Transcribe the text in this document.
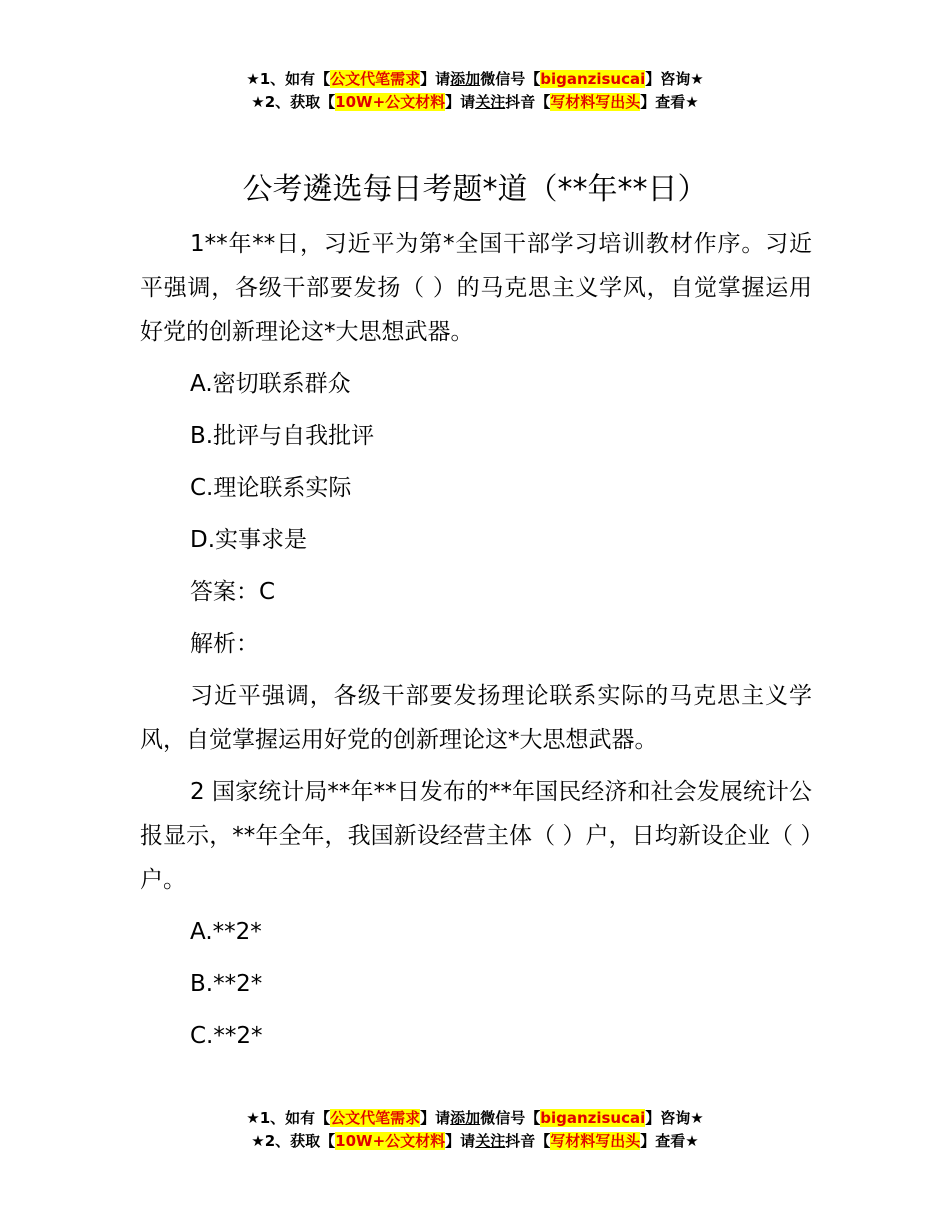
★1、如有【公文代笔需求】请添加微信号【biganzisucai】咨询★
★2、获取【10W+公文材料】请关注抖音【写材料写出头】查看★
公考遴选每日考题*道（**年**日）

1**年**日，习近平为第*全国干部学习培训教材作序。习近平强调，各级干部要发扬（ ）的马克思主义学风，自觉掌握运用好党的创新理论这*大思想武器。

A.密切联系群众
B.批评与自我批评
C.理论联系实际
D.实事求是
答案：C
解析：

习近平强调，各级干部要发扬理论联系实际的马克思主义学风，自觉掌握运用好党的创新理论这*大思想武器。

2 国家统计局**年**日发布的**年国民经济和社会发展统计公报显示，**年全年，我国新设经营主体（ ）户，日均新设企业（ ）户。

A.**2*
B.**2*
C.**2*
★1、如有【公文代笔需求】请添加微信号【biganzisucai】咨询★
★2、获取【10W+公文材料】请关注抖音【写材料写出头】查看★
